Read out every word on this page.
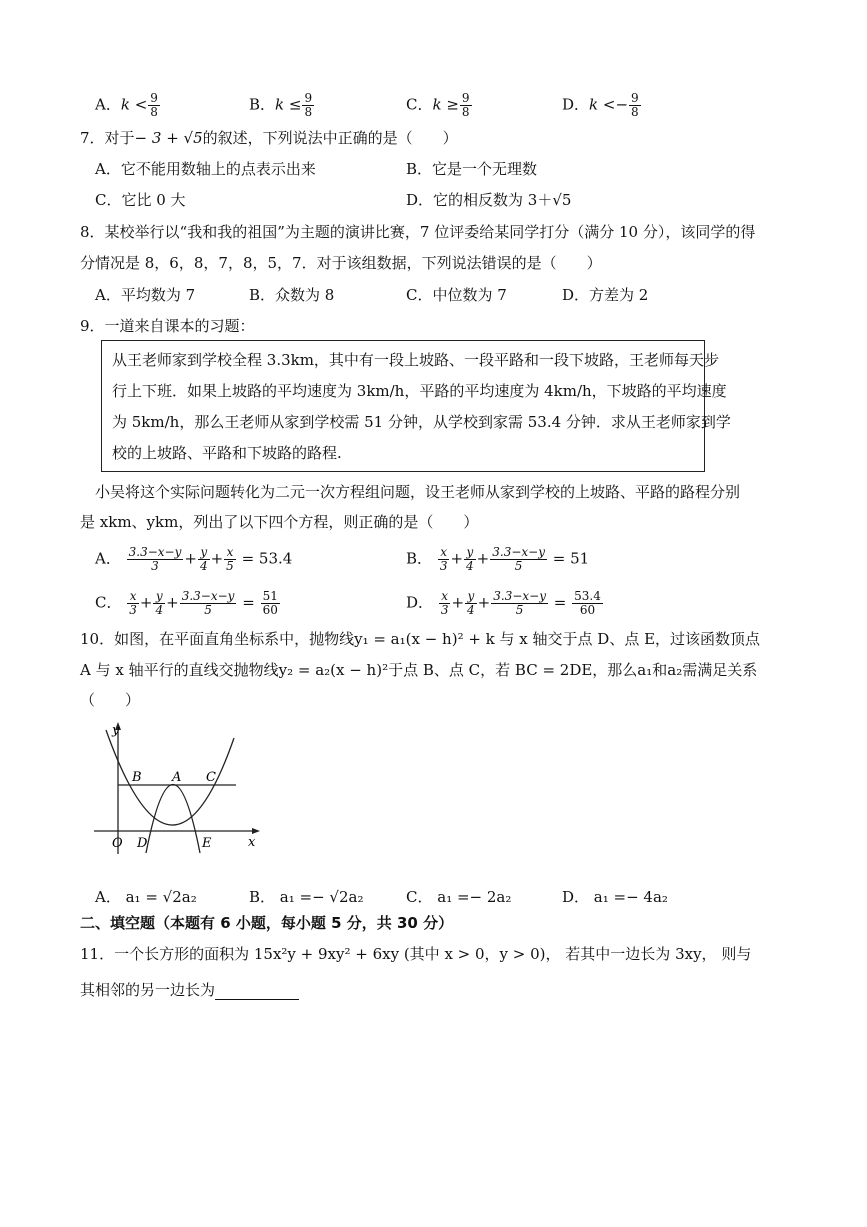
A．$k < \frac{9}{8}$	B．$k \le \frac{9}{8}$	C．$k \ge \frac{9}{8}$	D．$k <- \frac{9}{8}$
7．对于− 3 + √5的叙述，下列说法中正确的是（　　）
A．它不能用数轴上的点表示出来	B．它是一个无理数
C．它比 0 大	D．它的相反数为 3＋√5
8．某校举行以“我和我的祖国”为主题的演讲比赛，7 位评委给某同学打分（满分 10 分），该同学的得
分情况是 8，6，8，7，8，5，7．对于该组数据，下列说法错误的是（　　）
A．平均数为 7	B．众数为 8	C．中位数为 7	D．方差为 2
9．一道来自课本的习题：
从王老师家到学校全程 3.3km，其中有一段上坡路、一段平路和一段下坡路，王老师每天步
行上下班．如果上坡路的平均速度为 3km/h，平路的平均速度为 4km/h，下坡路的平均速度
为 5km/h，那么王老师从家到学校需 51 分钟，从学校到家需 53.4 分钟．求从王老师家到学
校的上坡路、平路和下坡路的路程.
小吴将这个实际问题转化为二元一次方程组问题，设王老师从家到学校的上坡路、平路的路程分别
是 xkm、ykm，列出了以下四个方程，则正确的是（　　）
A． $\frac{3.3-x-y}{3} + \frac{y}{4} + \frac{x}{5} = 53.4$	B． $\frac{x}{3} + \frac{y}{4} + \frac{3.3-x-y}{5} = 51$
C． $\frac{x}{3} + \frac{y}{4} + \frac{3.3-x-y}{5} = \frac{51}{60}$	D． $\frac{x}{3} + \frac{y}{4} + \frac{3.3-x-y}{5} = \frac{53.4}{60}$
10．如图，在平面直角坐标系中，抛物线y₁ = a₁(x − h)² + k 与 x 轴交于点 D、点 E，过该函数顶点
A 与 x 轴平行的直线交抛物线y₂ = a₂(x − h)²于点 B、点 C，若 BC = 2DE，那么a₁和a₂需满足关系
（　　）
y
x
O
B A C
D	E
A． a₁ = √2a₂	B． a₁ =− √2a₂	C． a₁ =− 2a₂	D． a₁ =− 4a₂
二、填空题（本题有 6 小题，每小题 5 分，共 30 分）
11．一个长方形的面积为 15x²y + 9xy² + 6xy (其中 x > 0，y > 0)， 若其中一边长为 3xy， 则与
其相邻的另一边长为
